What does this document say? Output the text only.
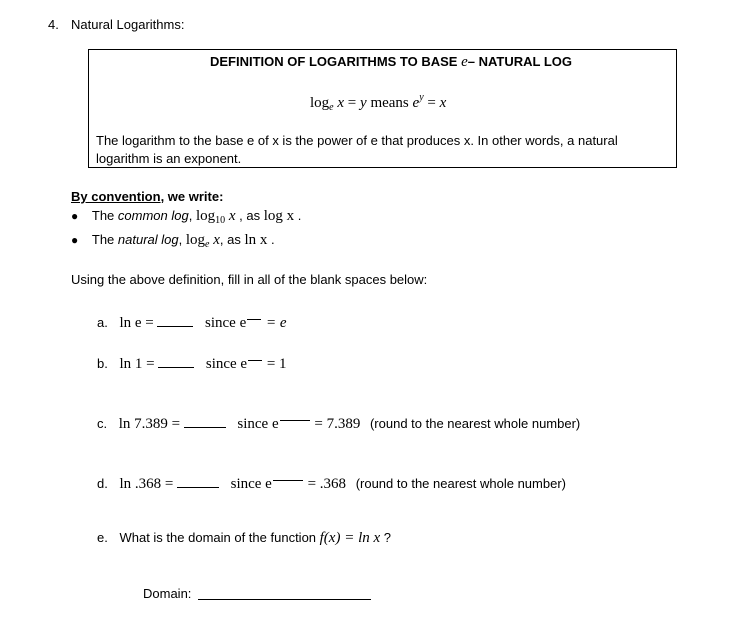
4. Natural Logarithms:
DEFINITION OF LOGARITHMS TO BASE e– NATURAL LOG
$\log_e x = y$ means $e^y = x$
The logarithm to the base e of x is the power of e that produces x. In other words, a natural
logarithm is an exponent.
By convention, we write:
● The common log, $\log_{10} x$ , as log x .
● The natural log, $\log_e x$, as ln x .
Using the above definition, fill in all of the blank spaces below:
a. ln e =	since e = e
b. ln 1 =	since e = 1
c. ln 7.389 =	since e = 7.389 (round to the nearest whole number)
d. ln .368 =	since e = .368 (round to the nearest whole number)
e. What is the domain of the function f(x) = ln x ?
Domain:
